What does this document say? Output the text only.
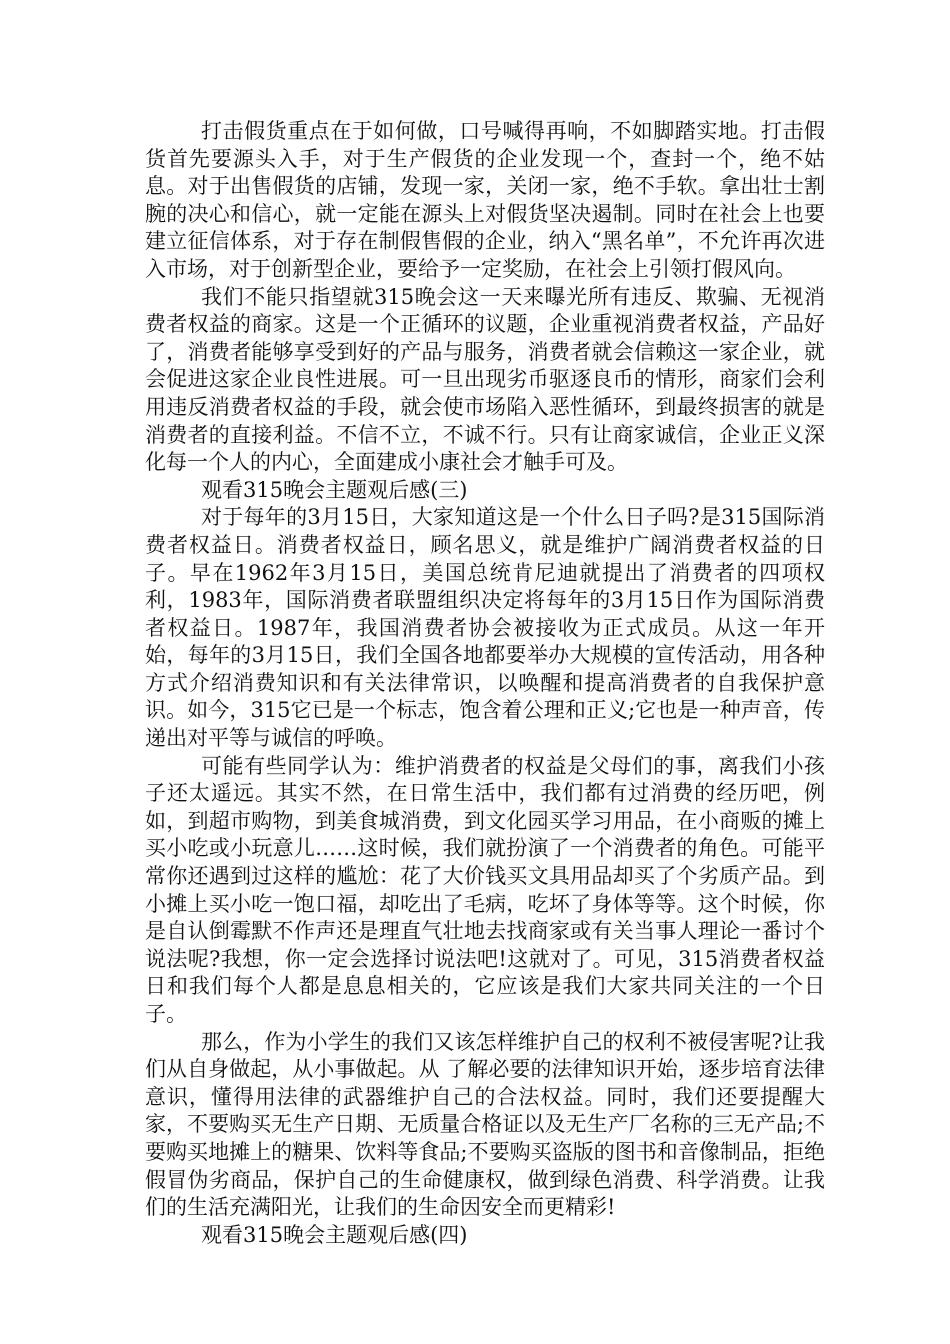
打击假货重点在于如何做，口号喊得再响，不如脚踏实地。打击假货首先要源头入手，对于生产假货的企业发现一个，查封一个，绝不姑息。对于出售假货的店铺，发现一家，关闭一家，绝不手软。拿出壮士割腕的决心和信心，就一定能在源头上对假货坚决遏制。同时在社会上也要建立征信体系，对于存在制假售假的企业，纳入“黑名单”，不允许再次进入市场，对于创新型企业，要给予一定奖励，在社会上引领打假风向。

我们不能只指望就315晚会这一天来曝光所有违反、欺骗、无视消费者权益的商家。这是一个正循环的议题，企业重视消费者权益，产品好了，消费者能够享受到好的产品与服务，消费者就会信赖这一家企业，就会促进这家企业良性进展。可一旦出现劣币驱逐良币的情形，商家们会利用违反消费者权益的手段，就会使市场陷入恶性循环，到最终损害的就是消费者的直接利益。不信不立，不诚不行。只有让商家诚信，企业正义深化每一个人的内心，全面建成小康社会才触手可及。

观看315晚会主题观后感(三)

对于每年的3月15日，大家知道这是一个什么日子吗?是315国际消费者权益日。消费者权益日，顾名思义，就是维护广阔消费者权益的日子。早在1962年3月15日，美国总统肯尼迪就提出了消费者的四项权利，1983年，国际消费者联盟组织决定将每年的3月15日作为国际消费者权益日。1987年，我国消费者协会被接收为正式成员。从这一年开始，每年的3月15日，我们全国各地都要举办大规模的宣传活动，用各种方式介绍消费知识和有关法律常识，以唤醒和提高消费者的自我保护意识。如今，315它已是一个标志，饱含着公理和正义;它也是一种声音，传递出对平等与诚信的呼唤。

可能有些同学认为：维护消费者的权益是父母们的事，离我们小孩子还太遥远。其实不然，在日常生活中，我们都有过消费的经历吧，例如，到超市购物，到美食城消费，到文化园买学习用品，在小商贩的摊上买小吃或小玩意儿……这时候，我们就扮演了一个消费者的角色。可能平常你还遇到过这样的尴尬：花了大价钱买文具用品却买了个劣质产品。到小摊上买小吃一饱口福，却吃出了毛病，吃坏了身体等等。这个时候，你是自认倒霉默不作声还是理直气壮地去找商家或有关当事人理论一番讨个说法呢?我想，你一定会选择讨说法吧!这就对了。可见，315消费者权益日和我们每个人都是息息相关的，它应该是我们大家共同关注的一个日子。

那么，作为小学生的我们又该怎样维护自己的权利不被侵害呢?让我们从自身做起，从小事做起。从 了解必要的法律知识开始，逐步培育法律意识，懂得用法律的武器维护自己的合法权益。同时，我们还要提醒大家，不要购买无生产日期、无质量合格证以及无生产厂名称的三无产品;不要购买地摊上的糖果、饮料等食品;不要购买盗版的图书和音像制品，拒绝假冒伪劣商品，保护自己的生命健康权，做到绿色消费、科学消费。让我们的生活充满阳光，让我们的生命因安全而更精彩!

观看315晚会主题观后感(四)
